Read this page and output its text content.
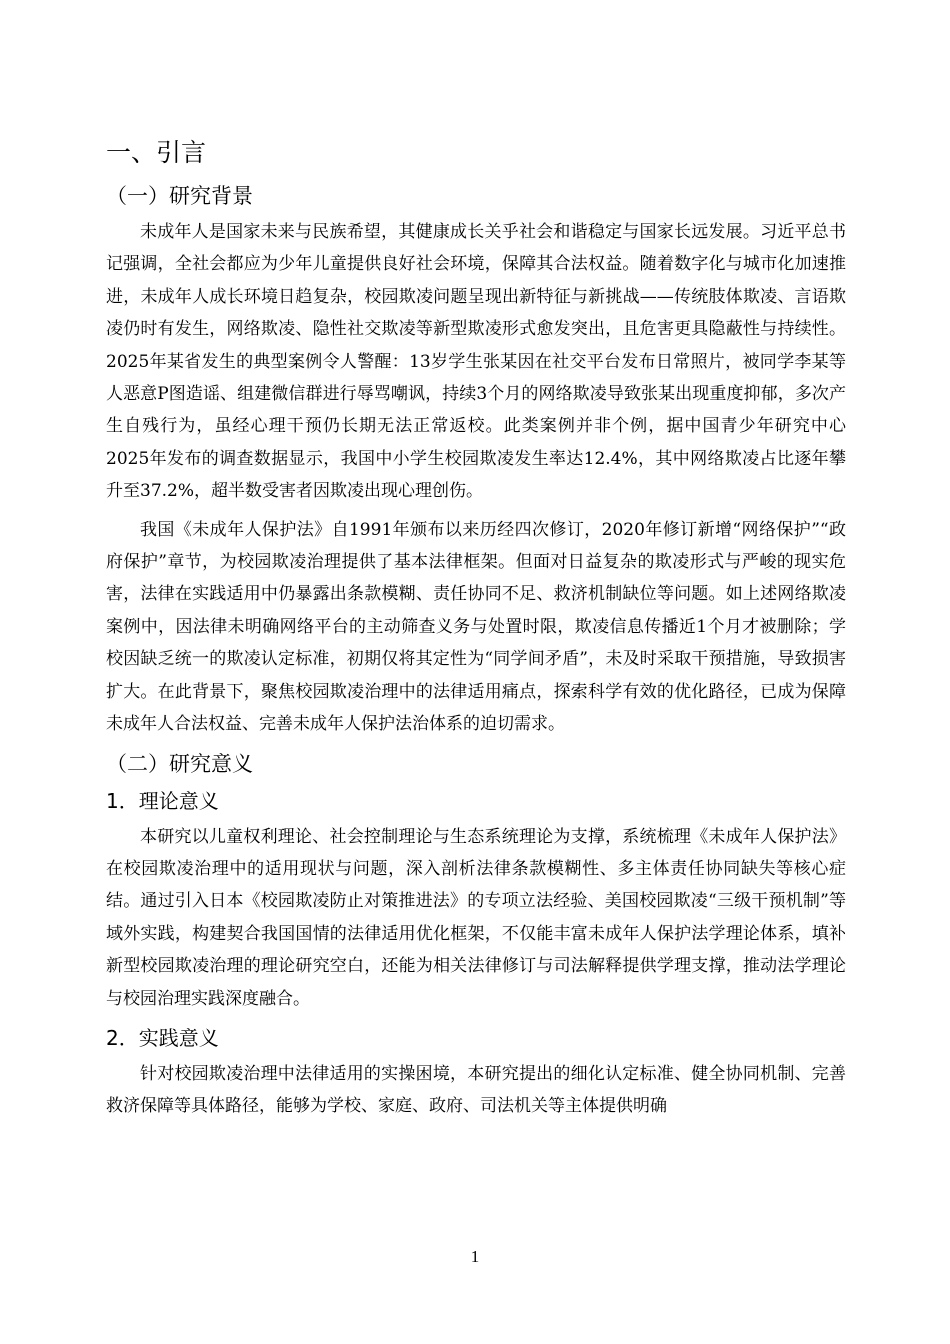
一、引言
（一）研究背景

未成年人是国家未来与民族希望，其健康成长关乎社会和谐稳定与国家长远发展。习近平总书记强调，全社会都应为少年儿童提供良好社会环境，保障其合法权益。随着数字化与城市化加速推进，未成年人成长环境日趋复杂，校园欺凌问题呈现出新特征与新挑战——传统肢体欺凌、言语欺凌仍时有发生，网络欺凌、隐性社交欺凌等新型欺凌形式愈发突出，且危害更具隐蔽性与持续性。2025年某省发生的典型案例令人警醒：13岁学生张某因在社交平台发布日常照片，被同学李某等人恶意P图造谣、组建微信群进行辱骂嘲讽，持续3个月的网络欺凌导致张某出现重度抑郁，多次产生自残行为，虽经心理干预仍长期无法正常返校。此类案例并非个例，据中国青少年研究中心2025年发布的调查数据显示，我国中小学生校园欺凌发生率达12.4%，其中网络欺凌占比逐年攀升至37.2%，超半数受害者因欺凌出现心理创伤。

我国《未成年人保护法》自1991年颁布以来历经四次修订，2020年修订新增“网络保护”“政府保护”章节，为校园欺凌治理提供了基本法律框架。但面对日益复杂的欺凌形式与严峻的现实危害，法律在实践适用中仍暴露出条款模糊、责任协同不足、救济机制缺位等问题。如上述网络欺凌案例中，因法律未明确网络平台的主动筛查义务与处置时限，欺凌信息传播近1个月才被删除；学校因缺乏统一的欺凌认定标准，初期仅将其定性为“同学间矛盾”，未及时采取干预措施，导致损害扩大。在此背景下，聚焦校园欺凌治理中的法律适用痛点，探索科学有效的优化路径，已成为保障未成年人合法权益、完善未成年人保护法治体系的迫切需求。

（二）研究意义
1．理论意义

本研究以儿童权利理论、社会控制理论与生态系统理论为支撑，系统梳理《未成年人保护法》在校园欺凌治理中的适用现状与问题，深入剖析法律条款模糊性、多主体责任协同缺失等核心症结。通过引入日本《校园欺凌防止对策推进法》的专项立法经验、美国校园欺凌“三级干预机制”等域外实践，构建契合我国国情的法律适用优化框架，不仅能丰富未成年人保护法学理论体系，填补新型校园欺凌治理的理论研究空白，还能为相关法律修订与司法解释提供学理支撑，推动法学理论与校园治理实践深度融合。

2．实践意义

针对校园欺凌治理中法律适用的实操困境，本研究提出的细化认定标准、健全协同机制、完善救济保障等具体路径，能够为学校、家庭、政府、司法机关等主体提供明确

1
